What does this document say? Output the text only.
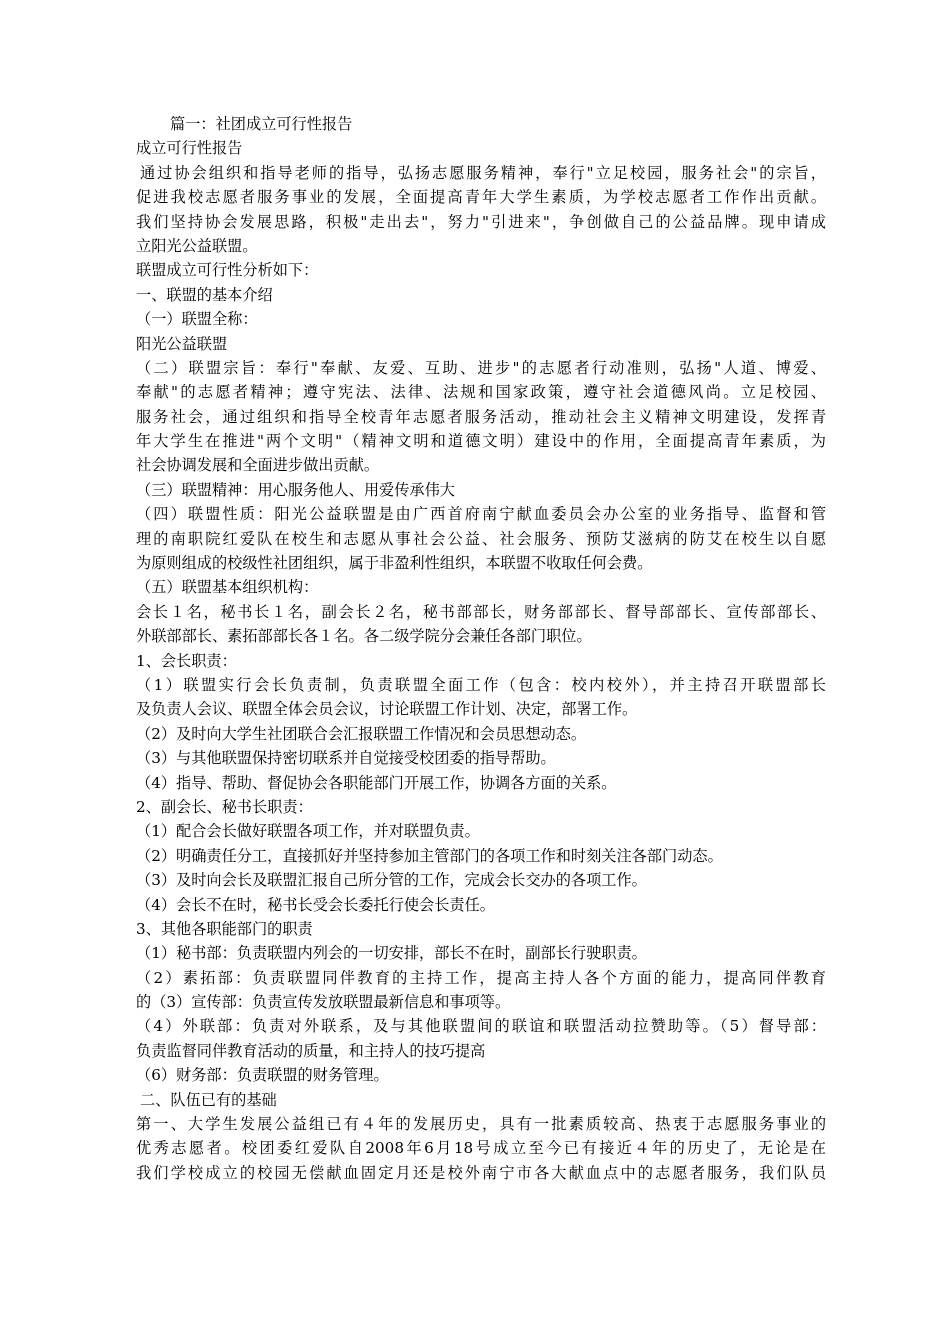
篇一：社团成立可行性报告
成立可行性报告
通过协会组织和指导老师的指导，弘扬志愿服务精神，奉行"立足校园，服务社会"的宗旨，
促进我校志愿者服务事业的发展，全面提高青年大学生素质，为学校志愿者工作作出贡献。
我们坚持协会发展思路，积极"走出去"，努力"引进来"，争创做自己的公益品牌。现申请成
立阳光公益联盟。
联盟成立可行性分析如下：
一、联盟的基本介绍
（一）联盟全称：
阳光公益联盟
（二）联盟宗旨：奉行"奉献、友爱、互助、进步"的志愿者行动准则，弘扬"人道、博爱、
奉献"的志愿者精神；遵守宪法、法律、法规和国家政策，遵守社会道德风尚。立足校园、
服务社会，通过组织和指导全校青年志愿者服务活动，推动社会主义精神文明建设，发挥青
年大学生在推进"两个文明"（精神文明和道德文明）建设中的作用，全面提高青年素质，为
社会协调发展和全面进步做出贡献。
（三）联盟精神：用心服务他人、用爱传承伟大
（四）联盟性质：阳光公益联盟是由广西首府南宁献血委员会办公室的业务指导、监督和管
理的南职院红爱队在校生和志愿从事社会公益、社会服务、预防艾滋病的防艾在校生以自愿
为原则组成的校级性社团组织，属于非盈利性组织，本联盟不收取任何会费。
（五）联盟基本组织机构：
会长１名，秘书长１名，副会长２名，秘书部部长，财务部部长、督导部部长、宣传部部长、
外联部部长、素拓部部长各１名。各二级学院分会兼任各部门职位。
1、会长职责：
（1）联盟实行会长负责制，负责联盟全面工作（包含：校内校外），并主持召开联盟部长
及负责人会议、联盟全体会员会议，讨论联盟工作计划、决定，部署工作。
（2）及时向大学生社团联合会汇报联盟工作情况和会员思想动态。
（3）与其他联盟保持密切联系并自觉接受校团委的指导帮助。
（4）指导、帮助、督促协会各职能部门开展工作，协调各方面的关系。
2、副会长、秘书长职责：
（1）配合会长做好联盟各项工作，并对联盟负责。
（2）明确责任分工，直接抓好并坚持参加主管部门的各项工作和时刻关注各部门动态。
（3）及时向会长及联盟汇报自己所分管的工作，完成会长交办的各项工作。
（4）会长不在时，秘书长受会长委托行使会长责任。
3、其他各职能部门的职责
（1）秘书部：负责联盟内列会的一切安排，部长不在时，副部长行驶职责。
（2）素拓部：负责联盟同伴教育的主持工作，提高主持人各个方面的能力，提高同伴教育
的（3）宣传部：负责宣传发放联盟最新信息和事项等。
（4）外联部：负责对外联系，及与其他联盟间的联谊和联盟活动拉赞助等。（5）督导部：
负责监督同伴教育活动的质量，和主持人的技巧提高
（6）财务部：负责联盟的财务管理。
二、队伍已有的基础
第一、大学生发展公益组已有４年的发展历史，具有一批素质较高、热衷于志愿服务事业的
优秀志愿者。校团委红爱队自2008年6月18号成立至今已有接近４年的历史了，无论是在
我们学校成立的校园无偿献血固定月还是校外南宁市各大献血点中的志愿者服务，我们队员
